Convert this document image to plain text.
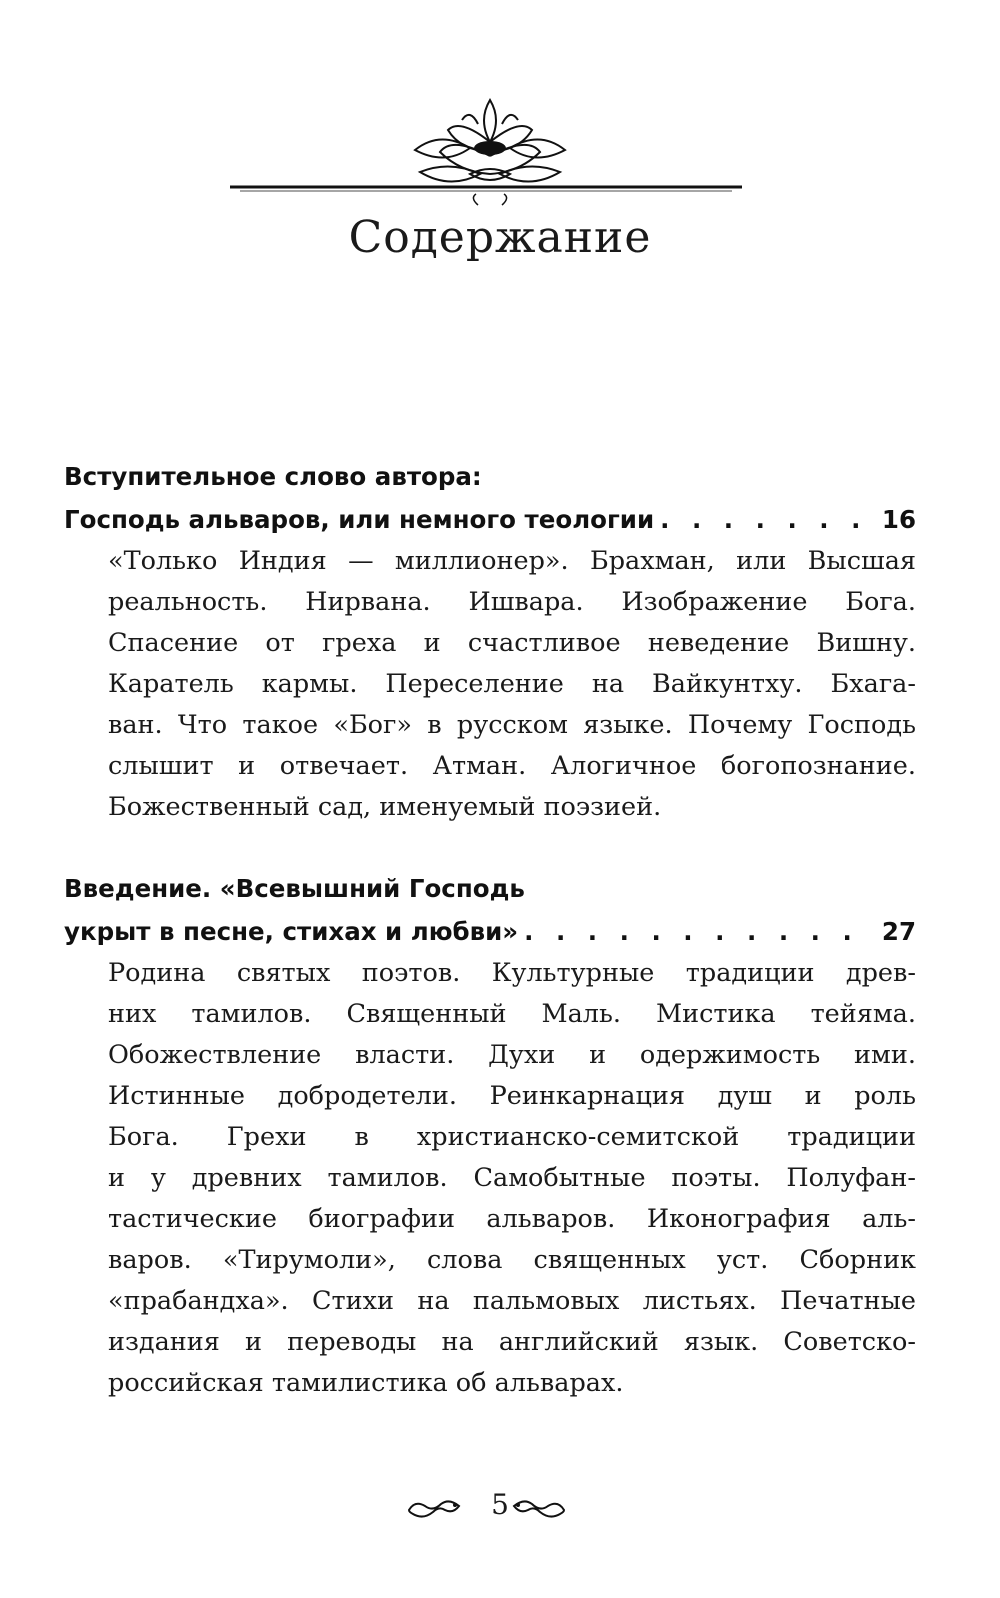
Содержание
Вступительное слово автора:
Господь альваров, или немного теологии . . .	16
«Только Индия — миллионер». Брахман, или Высшая
реальность. Нирвана. Ишвара. Изображение Бога.
Спасение от греха и счастливое неведение Вишну.
Каратель кармы. Переселение на Вайкунтху. Бхага-
ван. Что такое «Бог» в русском языке. Почему Господь
слышит и отвечает. Атман. Алогичное богопознание.
Божественный сад, именуемый поэзией.
Введение. «Всевышний Господь
укрыт в песне, стихах и любви» . . .	27
Родина святых поэтов. Культурные традиции древ-
них тамилов. Священный Маль. Мистика тейяма.
Обожествление власти. Духи и одержимость ими.
Истинные добродетели. Реинкарнация душ и роль
Бога. Грехи в христианско-семитской традиции
и у древних тамилов. Самобытные поэты. Полуфан-
тастические биографии альваров. Иконография аль-
варов. «Тирумоли», слова священных уст. Сборник
«прабандха». Стихи на пальмовых листьях. Печатные
издания и переводы на английский язык. Советско-
российская тамилистика об альварах.
5
